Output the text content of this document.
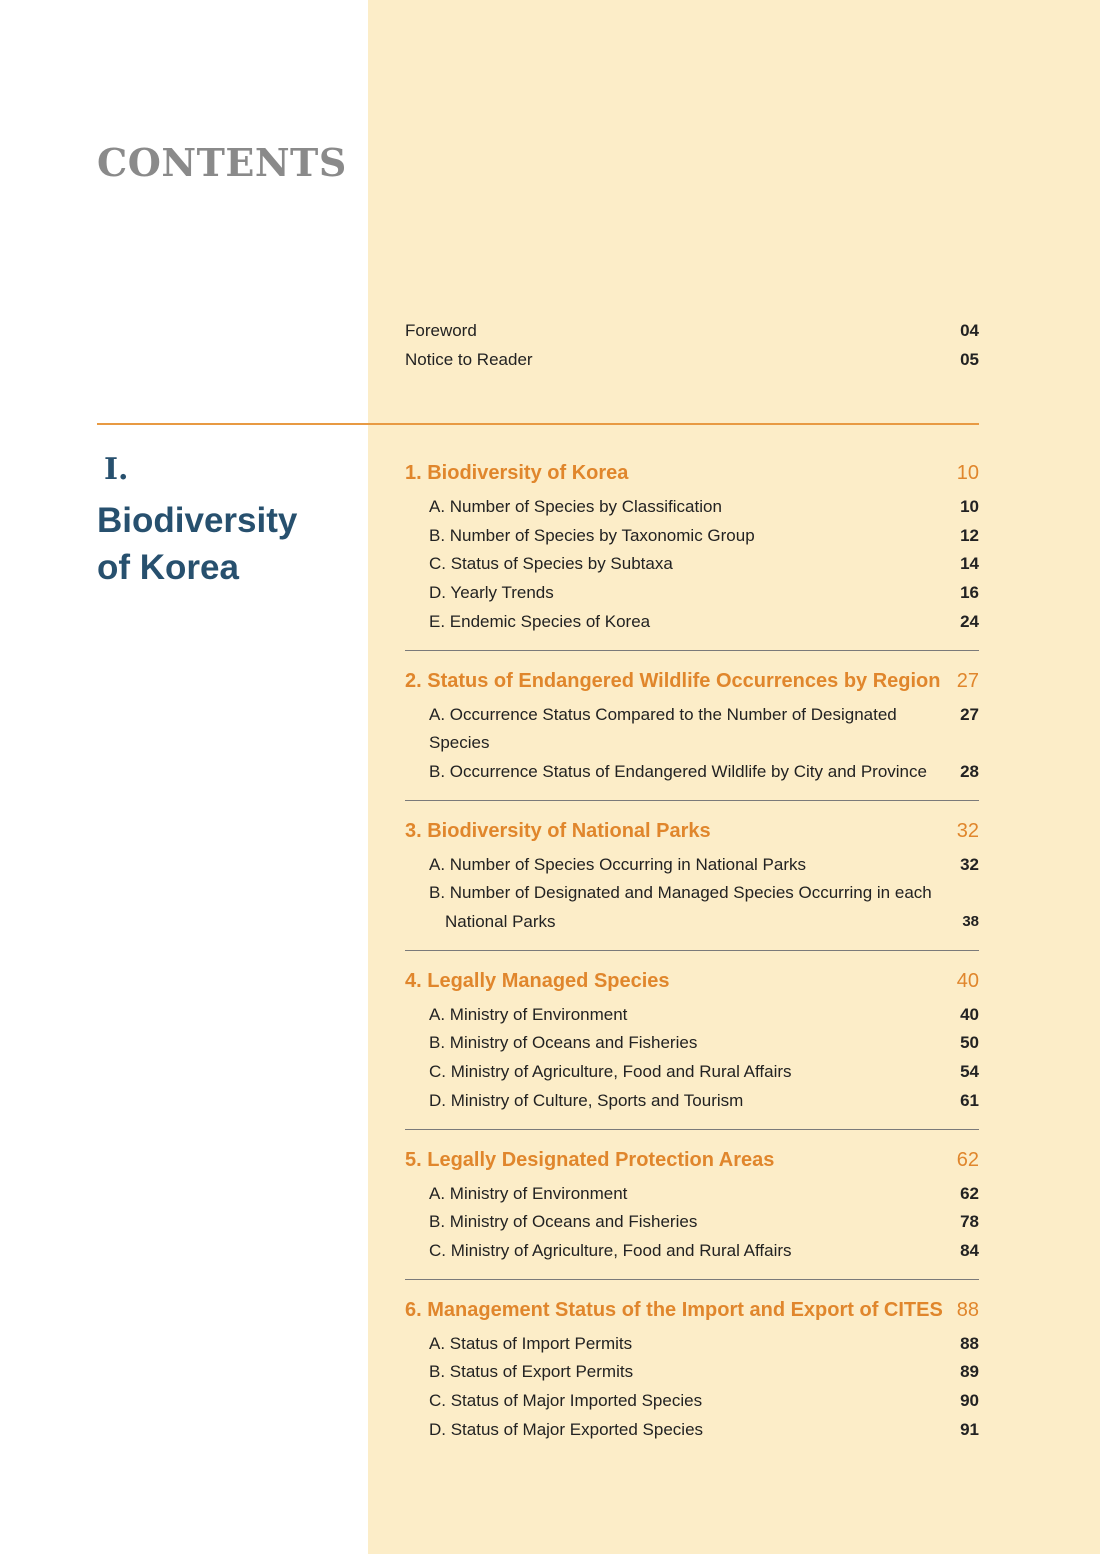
CONTENTS
Foreword	04
Notice to Reader	05
Ⅰ.
Biodiversity
of Korea
1. Biodiversity of Korea	10
A. Number of Species by Classification	10
B. Number of Species by Taxonomic Group	12
C. Status of Species by Subtaxa	14
D. Yearly Trends	16
E. Endemic Species of Korea	24
2. Status of Endangered Wildlife Occurrences by Region 27
A. Occurrence Status Compared to the Number of Designated Species
27
B. Occurrence Status of Endangered Wildlife by City and Province	28
3. Biodiversity of National Parks	32
A. Number of Species Occurring in National Parks	32
B. Number of Designated and Managed Species Occurring in each
National Parks	38
4. Legally Managed Species	40
A. Ministry of Environment	40
B. Ministry of Oceans and Fisheries	50
C. Ministry of Agriculture, Food and Rural Affairs	54
D. Ministry of Culture, Sports and Tourism	61
5. Legally Designated Protection Areas	62
A. Ministry of Environment	62
B. Ministry of Oceans and Fisheries	78
C. Ministry of Agriculture, Food and Rural Affairs	84
6. Management Status of the Import and Export of CITES 88
A. Status of Import Permits	88
B. Status of Export Permits	89
C. Status of Major Imported Species	90
D. Status of Major Exported Species	91
